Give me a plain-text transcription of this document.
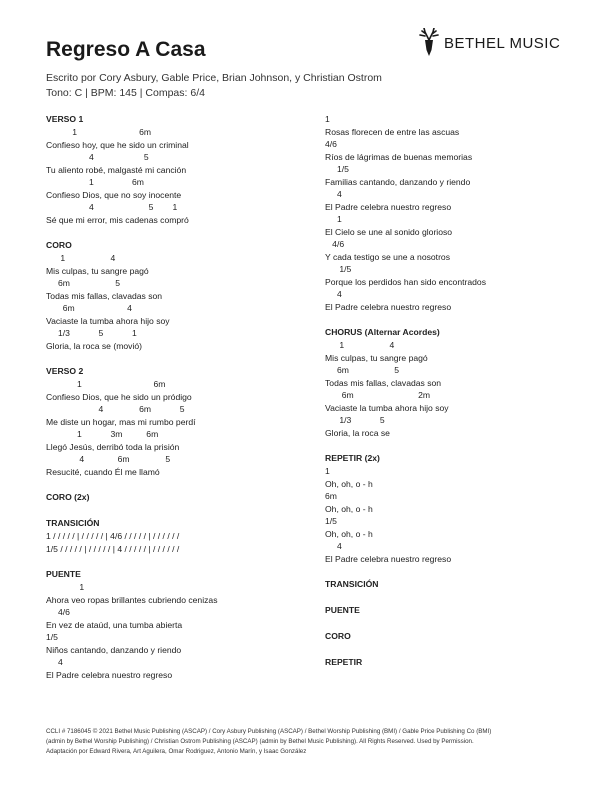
Regreso A Casa
Escrito por Cory Asbury, Gable Price, Brian Johnson, y Christian Ostrom
Tono: C | BPM: 145 | Compas: 6/4
BETHEL MUSIC
VERSO 1
1                          6m
Confieso hoy, que he sido un criminal
4                     5
Tu aliento robé, malgasté mi canción
1                6m
Confieso Dios, que no soy inocente
4                       5        1
Sé que mi error, mis cadenas compró
CORO
1                   4
Mis culpas, tu sangre pagó
6m                   5
Todas mis fallas, clavadas son
6m                      4
Vaciaste la tumba ahora hijo soy
1/3            5            1
Gloria, la roca se (movió)
VERSO 2
1                              6m
Confieso Dios, que he sido un pródigo
4               6m            5
Me diste un hogar, mas mi rumbo perdí
1            3m          6m
Llegó Jesús, derribó toda la prisión
4              6m               5
Resucité, cuando Él me llamó
CORO (2x)
TRANSICIÓN
1 / / / / / | / / / / / | 4/6 / / / / / | / / / / / /
1/5 / / / / / | / / / / / | 4 / / / / / | / / / / / /
PUENTE
1
Ahora veo ropas brillantes cubriendo cenizas
4/6
En vez de ataúd, una tumba abierta
1/5
Niños cantando, danzando y riendo
4
El Padre celebra nuestro regreso
1
Rosas florecen de entre las ascuas
4/6
Ríos de lágrimas de buenas memorias
1/5
Familias cantando, danzando y riendo
4
El Padre celebra nuestro regreso
1
El Cielo se une al sonido glorioso
4/6
Y cada testigo se une a nosotros
1/5
Porque los perdidos han sido encontrados
4
El Padre celebra nuestro regreso
CHORUS (Alternar Acordes)
1                   4
Mis culpas, tu sangre pagó
6m                   5
Todas mis fallas, clavadas son
6m                           2m
Vaciaste la tumba ahora hijo soy
1/3            5
Gloria, la roca se
REPETIR (2x)
1
Oh, oh, o - h
6m
Oh, oh, o - h
1/5
Oh, oh, o - h
4
El Padre celebra nuestro regreso
TRANSICIÓN
PUENTE
CORO
REPETIR
CCLI # 7186045 © 2021 Bethel Music Publishing (ASCAP) / Cory Asbury Publishing (ASCAP) / Bethel Worship Publishing (BMI) / Gable Price Publishing Co (BMI)
(admin by Bethel Worship Publishing) / Christian Ostrom Publishing (ASCAP) (admin by Bethel Music Publishing). All Rights Reserved. Used by Permission.
Adaptación por Edward Rivera, Art Aguilera, Omar Rodriguez, Antonio Marín, y Isaac González
